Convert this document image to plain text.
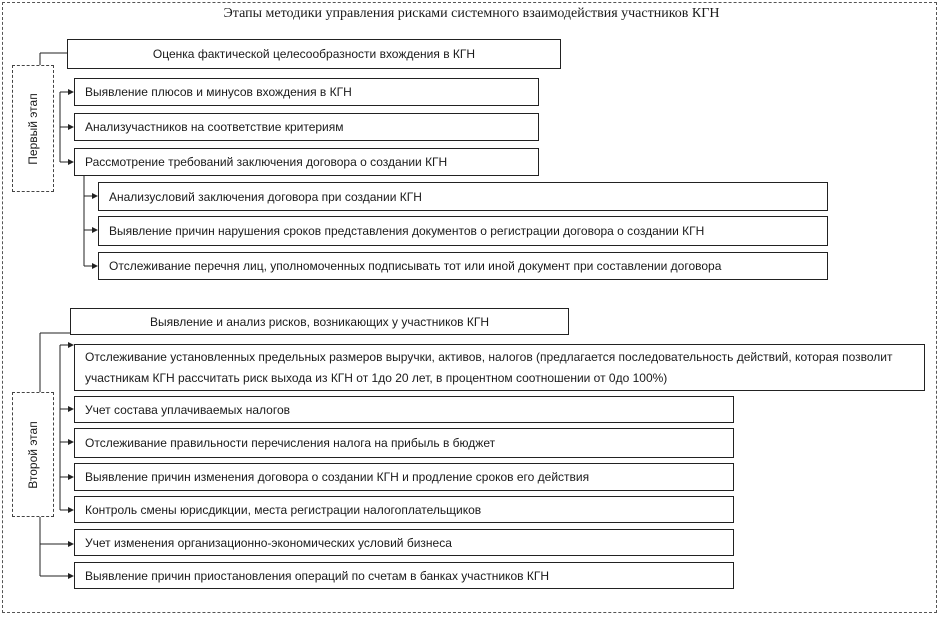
Этапы методики управления рисками системного взаимодействия участников КГН
Первый этап
Оценка фактической целесообразности вхождения в КГН
Выявление плюсов и минусов вхождения в КГН
Анализучастников на соответствие критериям
Рассмотрение требований заключения договора о создании КГН
Анализусловий заключения договора при создании КГН
Выявление причин нарушения сроков представления документов о регистрации договора о создании КГН
Отслеживание перечня лиц, уполномоченных подписывать тот или иной документ при составлении договора
Второй этап
Выявление и анализ рисков, возникающих у участников КГН
Отслеживание установленных предельных размеров выручки, активов, налогов (предлагается последовательность действий, которая позволит участникам КГН рассчитать риск выхода из КГН от 1до 20 лет, в процентном соотношении от 0до 100%)
Учет состава уплачиваемых налогов
Отслеживание правильности перечисления налога на прибыль в бюджет
Выявление причин изменения договора о создании КГН и продление сроков его действия
Контроль смены юрисдикции, места регистрации налогоплательщиков
Учет изменения организационно-экономических условий бизнеса
Выявление причин приостановления операций по счетам в банках участников КГН
